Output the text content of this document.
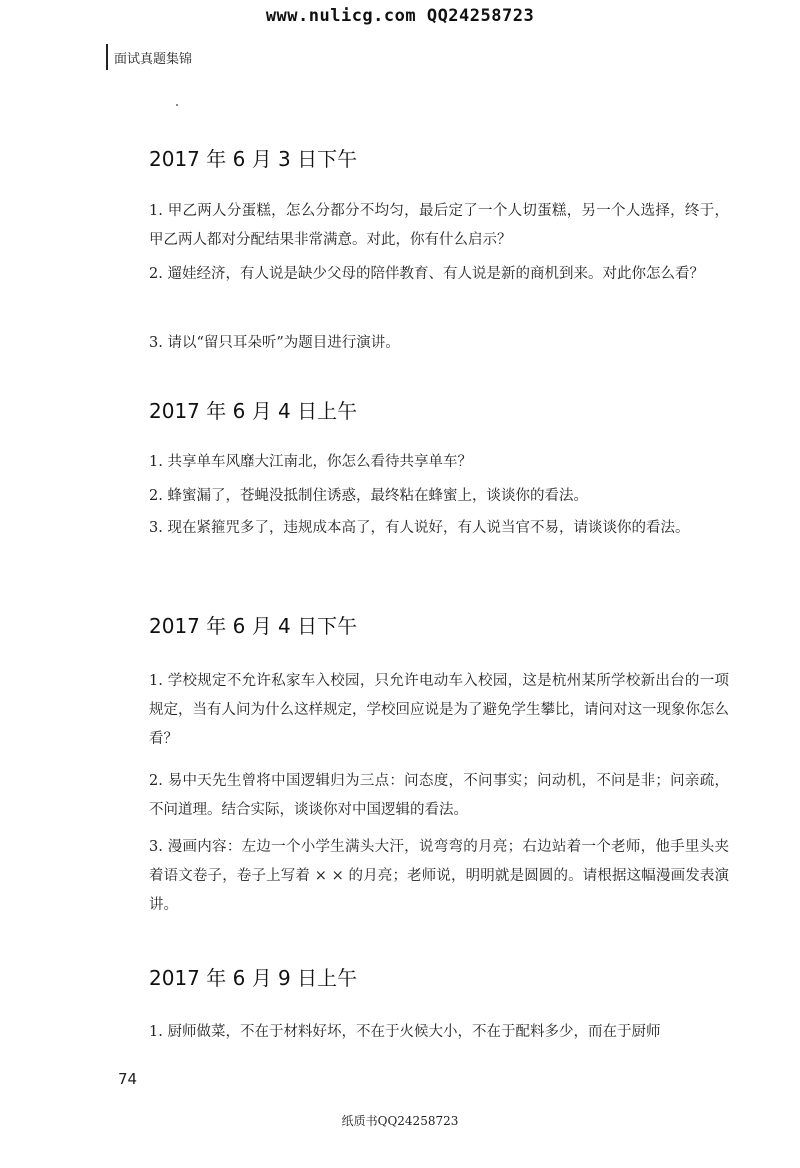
www.nulicg.com QQ24258723
面试真题集锦
2017 年 6 月 3 日下午
1. 甲乙两人分蛋糕，怎么分都分不均匀，最后定了一个人切蛋糕，另一个人选择，终于，甲乙两人都对分配结果非常满意。对此，你有什么启示？
2. 遛娃经济，有人说是缺少父母的陪伴教育、有人说是新的商机到来。对此你怎么看？
3. 请以“留只耳朵听”为题目进行演讲。
2017 年 6 月 4 日上午
1. 共享单车风靡大江南北，你怎么看待共享单车？
2. 蜂蜜漏了，苍蝇没抵制住诱惑，最终粘在蜂蜜上，谈谈你的看法。
3. 现在紧箍咒多了，违规成本高了，有人说好，有人说当官不易，请谈谈你的看法。
2017 年 6 月 4 日下午
1. 学校规定不允许私家车入校园，只允许电动车入校园，这是杭州某所学校新出台的一项规定，当有人问为什么这样规定，学校回应说是为了避免学生攀比，请问对这一现象你怎么看？
2. 易中天先生曾将中国逻辑归为三点：问态度，不问事实；问动机，不问是非；问亲疏，不问道理。结合实际，谈谈你对中国逻辑的看法。
3. 漫画内容：左边一个小学生满头大汗，说弯弯的月亮；右边站着一个老师，他手里头夹着语文卷子，卷子上写着 × × 的月亮；老师说，明明就是圆圆的。请根据这幅漫画发表演讲。
2017 年 6 月 9 日上午
1. 厨师做菜，不在于材料好坏，不在于火候大小，不在于配料多少，而在于厨师
74
纸质书QQ24258723
